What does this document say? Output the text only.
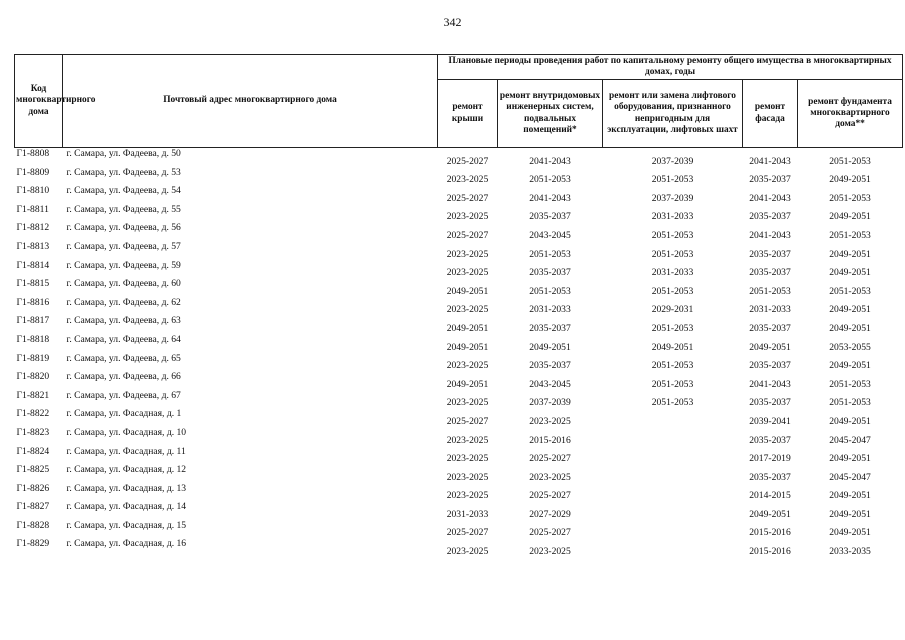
342
Код многоквартирного дома	Почтовый адрес многоквартирного дома	Плановые периоды проведения работ по капитальному ремонту общего имущества в многоквартирных домах, годы				
		ремонт крыши	ремонт внутридомовых инженерных систем, подвальных помещений*	ремонт или замена лифтового оборудования, признанного непригодным для эксплуатации, лифтовых шахт	ремонт фасада	ремонт фундамента многоквартирного дома**
Г1-8808	г. Самара, ул. Фадеева, д. 50	2025-2027	2041-2043	2037-2039	2041-2043	2051-2053
Г1-8809	г. Самара, ул. Фадеева, д. 53	2023-2025	2051-2053	2051-2053	2035-2037	2049-2051
Г1-8810	г. Самара, ул. Фадеева, д. 54	2025-2027	2041-2043	2037-2039	2041-2043	2051-2053
Г1-8811	г. Самара, ул. Фадеева, д. 55	2023-2025	2035-2037	2031-2033	2035-2037	2049-2051
Г1-8812	г. Самара, ул. Фадеева, д. 56	2025-2027	2043-2045	2051-2053	2041-2043	2051-2053
Г1-8813	г. Самара, ул. Фадеева, д. 57	2023-2025	2051-2053	2051-2053	2035-2037	2049-2051
Г1-8814	г. Самара, ул. Фадеева, д. 59	2023-2025	2035-2037	2031-2033	2035-2037	2049-2051
Г1-8815	г. Самара, ул. Фадеева, д. 60	2049-2051	2051-2053	2051-2053	2051-2053	2051-2053
Г1-8816	г. Самара, ул. Фадеева, д. 62	2023-2025	2031-2033	2029-2031	2031-2033	2049-2051
Г1-8817	г. Самара, ул. Фадеева, д. 63	2049-2051	2035-2037	2051-2053	2035-2037	2049-2051
Г1-8818	г. Самара, ул. Фадеева, д. 64	2049-2051	2049-2051	2049-2051	2049-2051	2053-2055
Г1-8819	г. Самара, ул. Фадеева, д. 65	2023-2025	2035-2037	2051-2053	2035-2037	2049-2051
Г1-8820	г. Самара, ул. Фадеева, д. 66	2049-2051	2043-2045	2051-2053	2041-2043	2051-2053
Г1-8821	г. Самара, ул. Фадеева, д. 67	2023-2025	2037-2039	2051-2053	2035-2037	2051-2053
Г1-8822	г. Самара, ул. Фасадная, д. 1	2025-2027	2023-2025		2039-2041	2049-2051
Г1-8823	г. Самара, ул. Фасадная, д. 10	2023-2025	2015-2016		2035-2037	2045-2047
Г1-8824	г. Самара, ул. Фасадная, д. 11	2023-2025	2025-2027		2017-2019	2049-2051
Г1-8825	г. Самара, ул. Фасадная, д. 12	2023-2025	2023-2025		2035-2037	2045-2047
Г1-8826	г. Самара, ул. Фасадная, д. 13	2023-2025	2025-2027		2014-2015	2049-2051
Г1-8827	г. Самара, ул. Фасадная, д. 14	2031-2033	2027-2029		2049-2051	2049-2051
Г1-8828	г. Самара, ул. Фасадная, д. 15	2025-2027	2025-2027		2015-2016	2049-2051
Г1-8829	г. Самара, ул. Фасадная, д. 16	2023-2025	2023-2025		2015-2016	2033-2035
